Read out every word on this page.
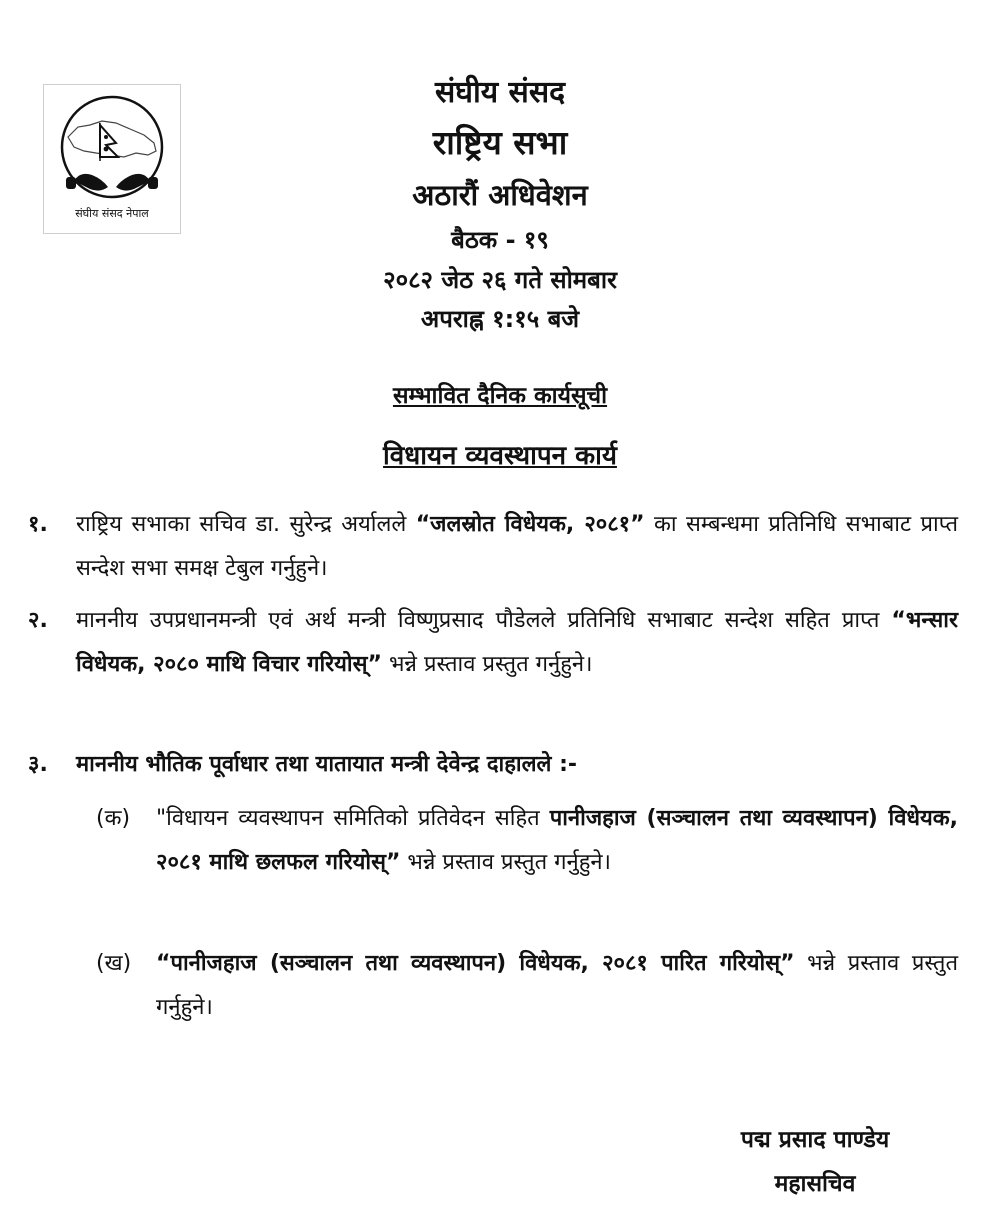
संघीय संसद नेपाल
संघीय संसद
राष्ट्रिय सभा
अठारौं अधिवेशन
बैठक - १९
२०८२ जेठ २६ गते सोमबार
अपराह्न १:१५ बजे
सम्भावित दैनिक कार्यसूची
विधायन व्यवस्थापन कार्य
१.	राष्ट्रिय सभाका सचिव डा. सुरेन्द्र अर्यालले “जलस्रोत विधेयक, २०८१” का सम्बन्धमा प्रतिनिधि सभाबाट प्राप्त सन्देश सभा समक्ष टेबुल गर्नुहुने।
२.	माननीय उपप्रधानमन्त्री एवं अर्थ मन्त्री विष्णुप्रसाद पौडेलले प्रतिनिधि सभाबाट सन्देश सहित प्राप्त “भन्सार विधेयक, २०८० माथि विचार गरियोस्” भन्ने प्रस्ताव प्रस्तुत गर्नुहुने।
३.	माननीय भौतिक पूर्वाधार तथा यातायात मन्त्री देवेन्द्र दाहालले :-
(क)	"विधायन व्यवस्थापन समितिको प्रतिवेदन सहित पानीजहाज (सञ्चालन तथा व्यवस्थापन) विधेयक, २०८१ माथि छलफल गरियोस्” भन्ने प्रस्ताव प्रस्तुत गर्नुहुने।
(ख)	“पानीजहाज (सञ्चालन तथा व्यवस्थापन) विधेयक, २०८१ पारित गरियोस्” भन्ने प्रस्ताव प्रस्तुत गर्नुहुने।
पद्म प्रसाद पाण्डेय
महासचिव
